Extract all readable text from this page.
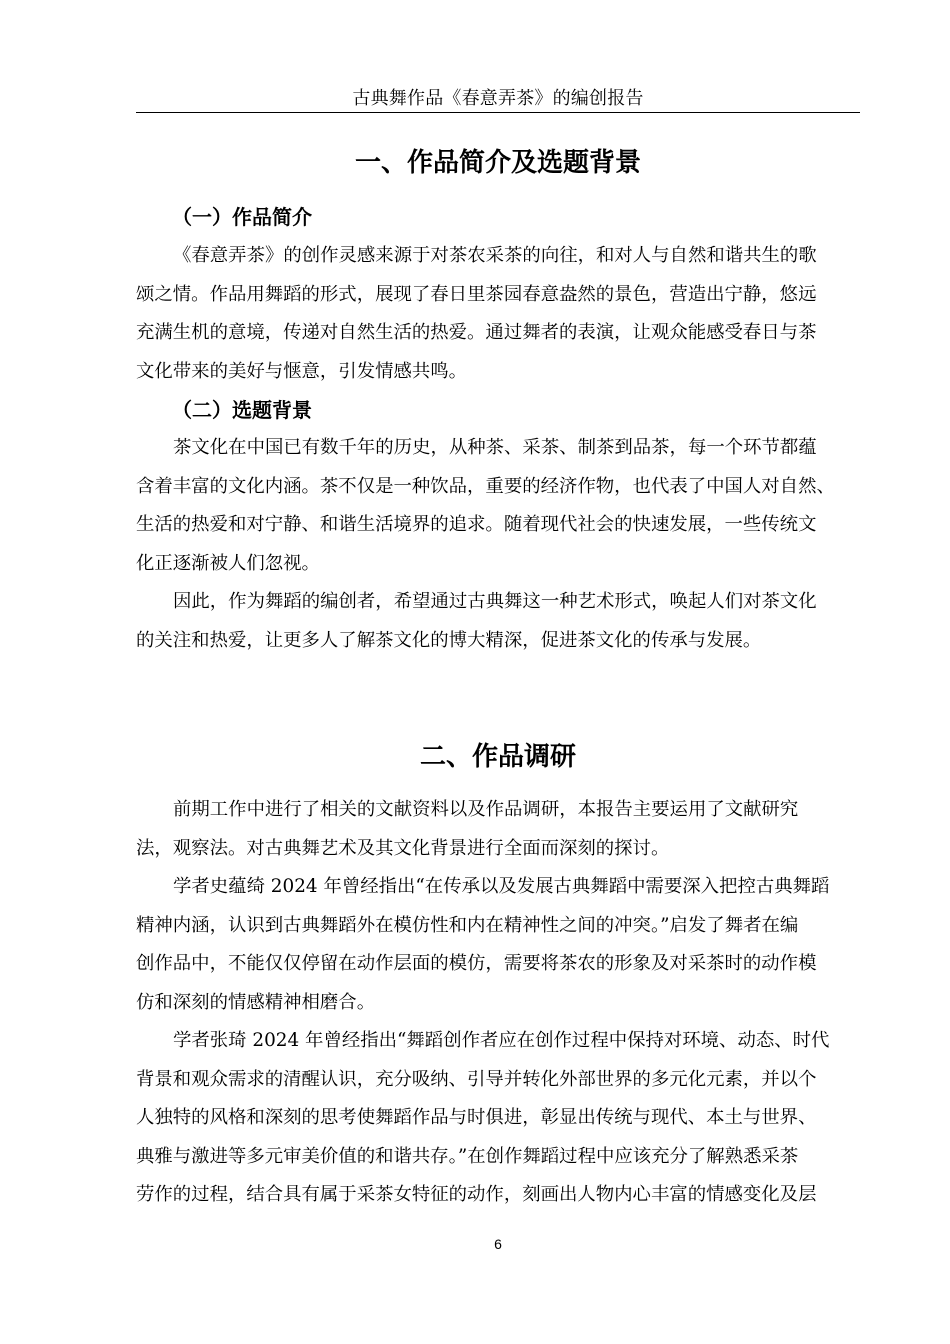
古典舞作品《春意弄茶》的编创报告
一、作品简介及选题背景
（一）作品简介
《春意弄茶》的创作灵感来源于对茶农采茶的向往，和对人与自然和谐共生的歌
颂之情。作品用舞蹈的形式，展现了春日里茶园春意盎然的景色，营造出宁静，悠远
充满生机的意境，传递对自然生活的热爱。通过舞者的表演，让观众能感受春日与茶
文化带来的美好与惬意，引发情感共鸣。
（二）选题背景
茶文化在中国已有数千年的历史，从种茶、采茶、制茶到品茶，每一个环节都蕴
含着丰富的文化内涵。茶不仅是一种饮品，重要的经济作物，也代表了中国人对自然、
生活的热爱和对宁静、和谐生活境界的追求。随着现代社会的快速发展，一些传统文
化正逐渐被人们忽视。
因此，作为舞蹈的编创者，希望通过古典舞这一种艺术形式，唤起人们对茶文化
的关注和热爱，让更多人了解茶文化的博大精深，促进茶文化的传承与发展。
二、作品调研
前期工作中进行了相关的文献资料以及作品调研，本报告主要运用了文献研究
法，观察法。对古典舞艺术及其文化背景进行全面而深刻的探讨。
学者史蕴绮 2024 年曾经指出“在传承以及发展古典舞蹈中需要深入把控古典舞蹈
精神内涵，认识到古典舞蹈外在模仿性和内在精神性之间的冲突。”启发了舞者在编
创作品中，不能仅仅停留在动作层面的模仿，需要将茶农的形象及对采茶时的动作模
仿和深刻的情感精神相磨合。
学者张琦 2024 年曾经指出“舞蹈创作者应在创作过程中保持对环境、动态、时代
背景和观众需求的清醒认识，充分吸纳、引导并转化外部世界的多元化元素，并以个
人独特的风格和深刻的思考使舞蹈作品与时俱进，彰显出传统与现代、本土与世界、
典雅与激进等多元审美价值的和谐共存。”在创作舞蹈过程中应该充分了解熟悉采茶
劳作的过程，结合具有属于采茶女特征的动作，刻画出人物内心丰富的情感变化及层
6
